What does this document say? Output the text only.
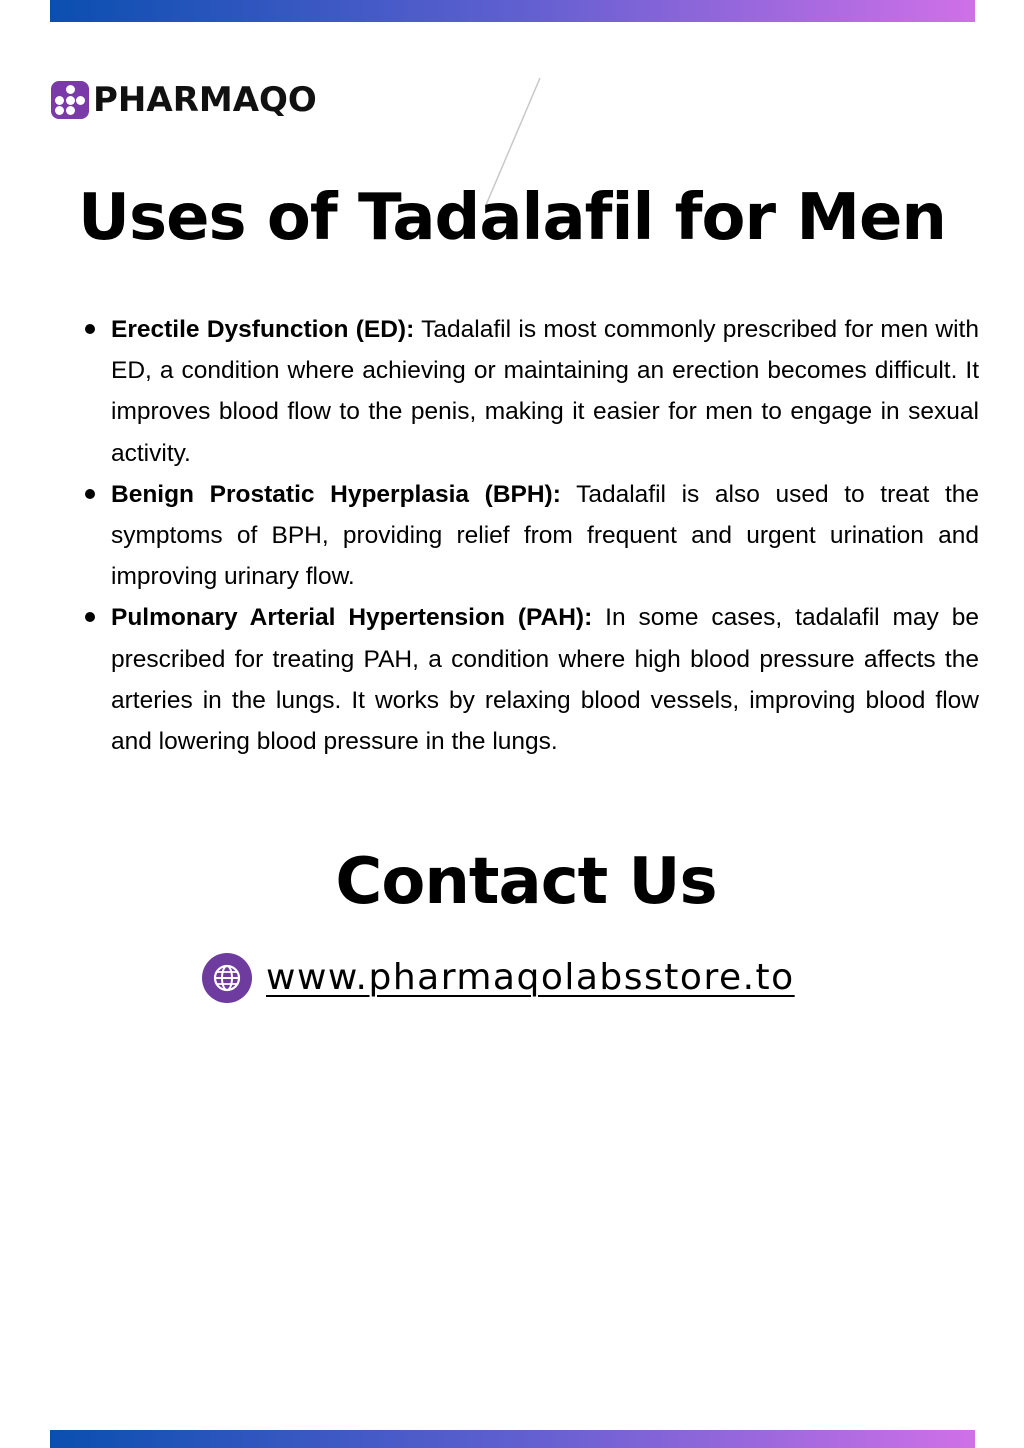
PHARMAQO
Uses of Tadalafil for Men
Erectile Dysfunction (ED): Tadalafil is most commonly prescribed for men with ED, a condition where achieving or maintaining an erection becomes difficult. It improves blood flow to the penis, making it easier for men to engage in sexual activity.
Benign Prostatic Hyperplasia (BPH): Tadalafil is also used to treat the symptoms of BPH, providing relief from frequent and urgent urination and improving urinary flow.
Pulmonary Arterial Hypertension (PAH): In some cases, tadalafil may be prescribed for treating PAH, a condition where high blood pressure affects the arteries in the lungs. It works by relaxing blood vessels, improving blood flow and lowering blood pressure in the lungs.
Contact Us
www.pharmaqolabsstore.to
